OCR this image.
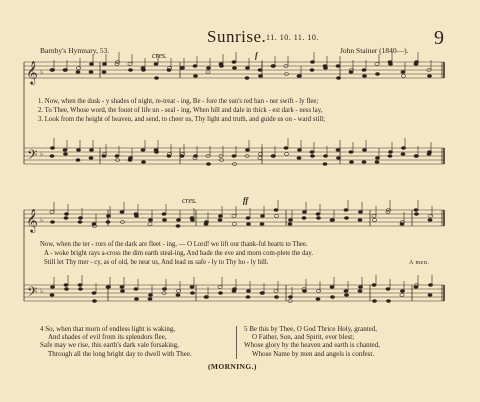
Sunrise. 11. 10. 11. 10.	9
Barnby's Hymnary, 53.	John Stainer (1840—).
𝄞
𝄢
𝄞
𝄢
♭
♭
♭
♭
cres.	f
1. Now, when the dusk - y shades of night, re-treat - ing, Be - fore the sun's red ban - ner swift - ly flee;
2. To Thee, Whose word, the fount of life un - seal - ing, When hill and dale in thick - est dark - ness lay,
3. Look from the height of heaven, and send, to cheer us, Thy light and truth, and guide us on - ward still;
cres.	ff
Now, when the ter - rors of the dark are fleet - ing, — O Lord! we lift our thank-ful hearts to Thee.
A - woke bright rays a-cross the dim earth steal-ing, And bade the eve and morn com-plete the day.
Still let Thy mer - cy, as of old, be near us, And lead us safe - ly to Thy ho - ly hill.	A men.
4 So, when that morn of endless light is waking,
And shades of evil from its splendors flee,
Safe may we rise, this earth's dark vale forsaking,
Through all the long bright day to dwell with Thee.
5 Be this by Thee, O God Thrice Holy, granted,
O Father, Son, and Spirit, ever blest;
Whose glory by the heaven and earth is chanted,
Whose Name by men and angels is confest.
(MORNING.)
